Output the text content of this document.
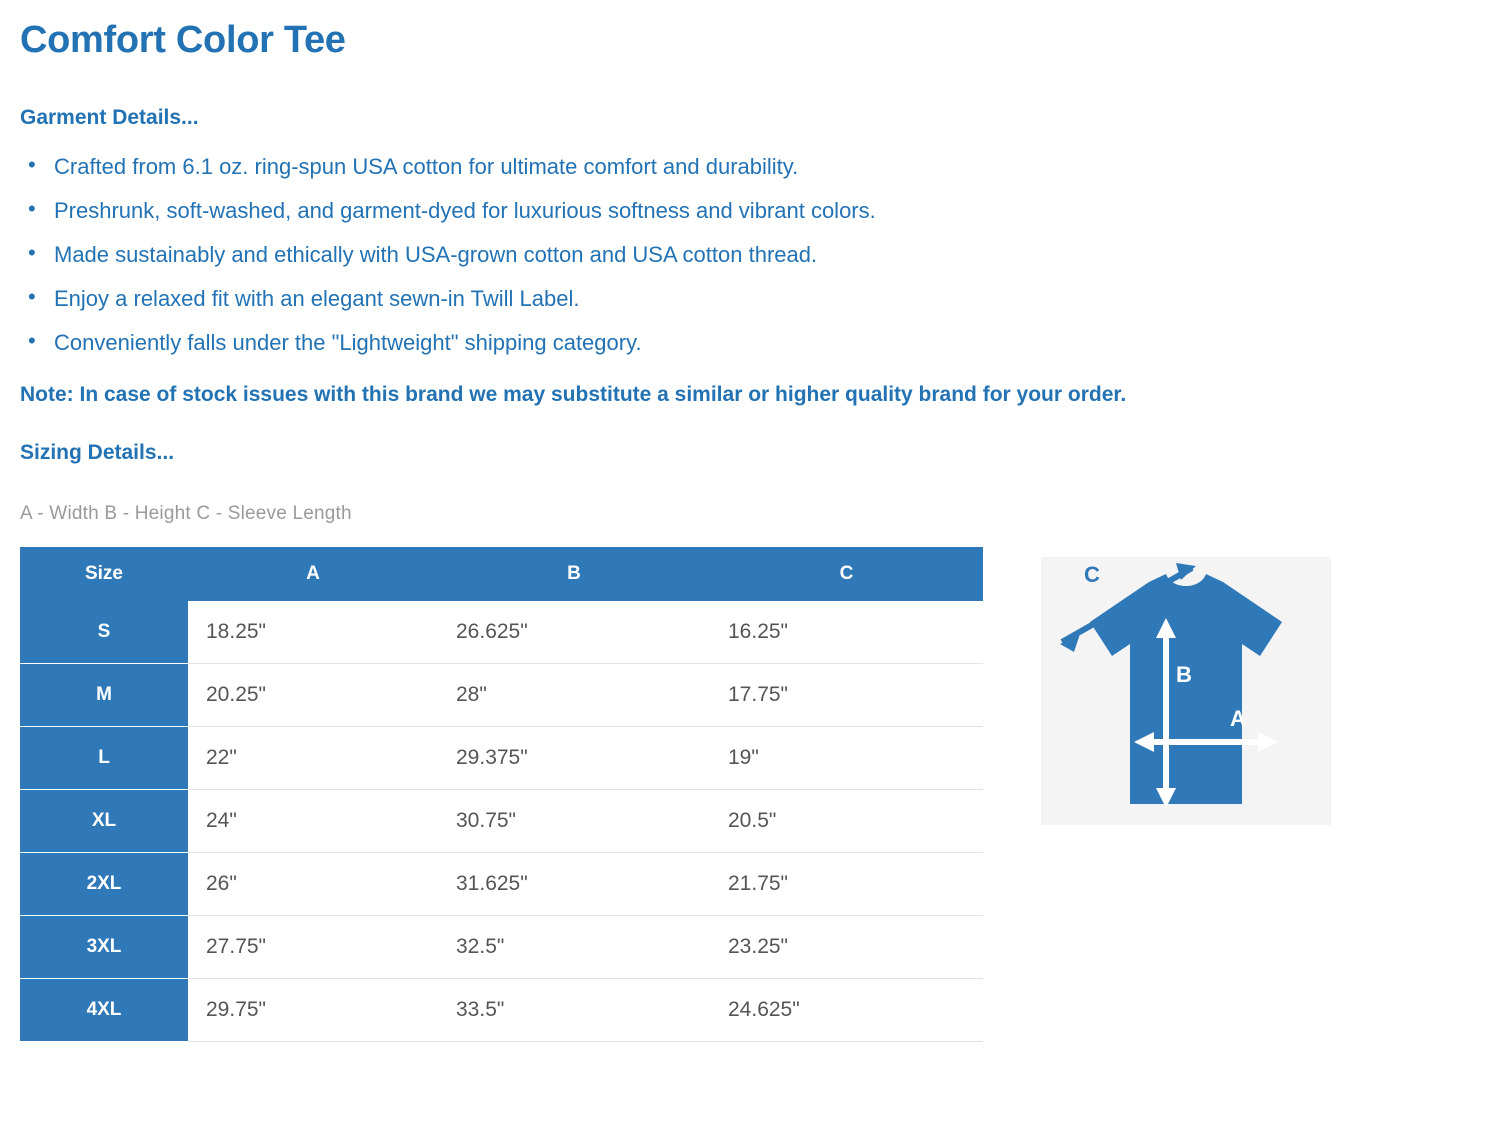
Comfort Color Tee
Garment Details...
• Crafted from 6.1 oz. ring-spun USA cotton for ultimate comfort and durability.
• Preshrunk, soft-washed, and garment-dyed for luxurious softness and vibrant colors.
• Made sustainably and ethically with USA-grown cotton and USA cotton thread.
• Enjoy a relaxed fit with an elegant sewn-in Twill Label.
• Conveniently falls under the "Lightweight" shipping category.
Note: In case of stock issues with this brand we may substitute a similar or higher quality brand for your order.
Sizing Details...
A - Width B - Height C - Sleeve Length
Size	A	B	C
S	18.25"	26.625"	16.25"
M	20.25"	28"	17.75"
L	22"	29.375"	19"
XL	24"	30.75"	20.5"
2XL	26"	31.625"	21.75"
3XL	27.75"	32.5"	23.25"
4XL	29.75"	33.5"	24.625"
C
B
A
